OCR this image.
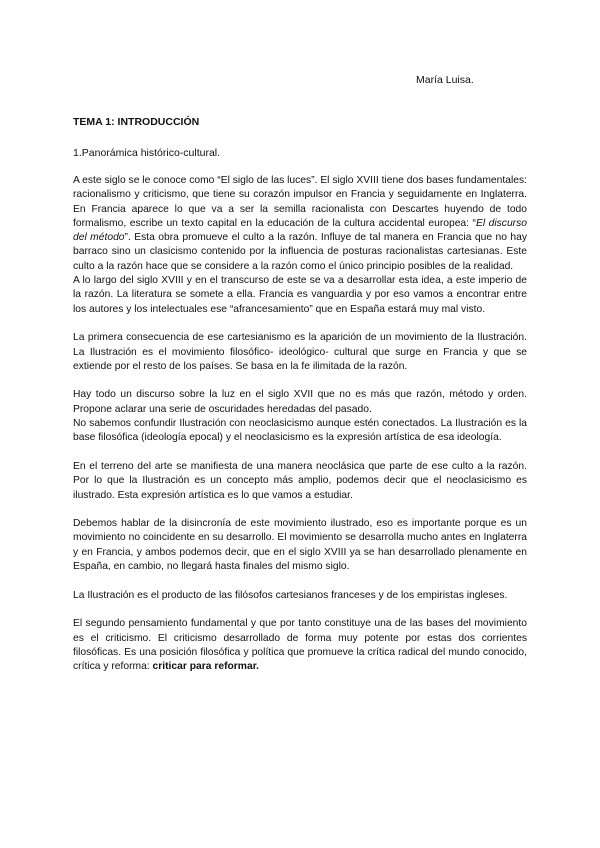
María Luisa.
TEMA 1: INTRODUCCIÓN
1.Panorámica histórico-cultural.

A este siglo se le conoce como “El siglo de las luces”. El siglo XVIII tiene dos bases fundamentales: racionalismo y criticismo, que tiene su corazón impulsor en Francia y seguidamente en Inglaterra. En Francia aparece lo que va a ser la semilla racionalista con Descartes huyendo de todo formalismo, escribe un texto capital en la educación de la cultura accidental europea: “El discurso del método”. Esta obra promueve el culto a la razón. Influye de tal manera en Francia que no hay barraco sino un clasicismo contenido por la influencia de posturas racionalistas cartesianas. Este culto a la razón hace que se considere a la razón como el único principio posibles de la realidad.

A lo largo del siglo XVIII y en el transcurso de este se va a desarrollar esta idea, a este imperio de la razón. La literatura se somete a ella. Francia es vanguardia y por eso vamos a encontrar entre los autores y los intelectuales ese “afrancesamiento” que en España estará muy mal visto.

La primera consecuencia de ese cartesianismo es la aparición de un movimiento de la Ilustración. La Ilustración es el movimiento filosófico- ideológico- cultural que surge en Francia y que se extiende por el resto de los países. Se basa en la fe ilimitada de la razón.

Hay todo un discurso sobre la luz en el siglo XVII que no es más que razón, método y orden. Propone aclarar una serie de oscuridades heredadas del pasado.

No sabemos confundir Ilustración con neoclasicismo aunque estén conectados. La Ilustración es la base filosófica (ideología epocal) y el neoclasicismo es la expresión artística de esa ideología.

En el terreno del arte se manifiesta de una manera neoclásica que parte de ese culto a la razón. Por lo que la Ilustración es un concepto más amplio, podemos decir que el neoclasicismo es ilustrado. Esta expresión artística es lo que vamos a estudiar.

Debemos hablar de la disincronía de este movimiento ilustrado, eso es importante porque es un movimiento no coincidente en su desarrollo. El movimiento se desarrolla mucho antes en Inglaterra y en Francia, y ambos podemos decir, que en el siglo XVIII ya se han desarrollado plenamente en España, en cambio, no llegará hasta finales del mismo siglo.

La Ilustración es el producto de las filósofos cartesianos franceses y de los empiristas ingleses.

El segundo pensamiento fundamental y que por tanto constituye una de las bases del movimiento es el criticismo. El criticismo desarrollado de forma muy potente por estas dos corrientes filosóficas. Es una posición filosófica y política que promueve la crítica radical del mundo conocido, crítica y reforma: criticar para reformar.
